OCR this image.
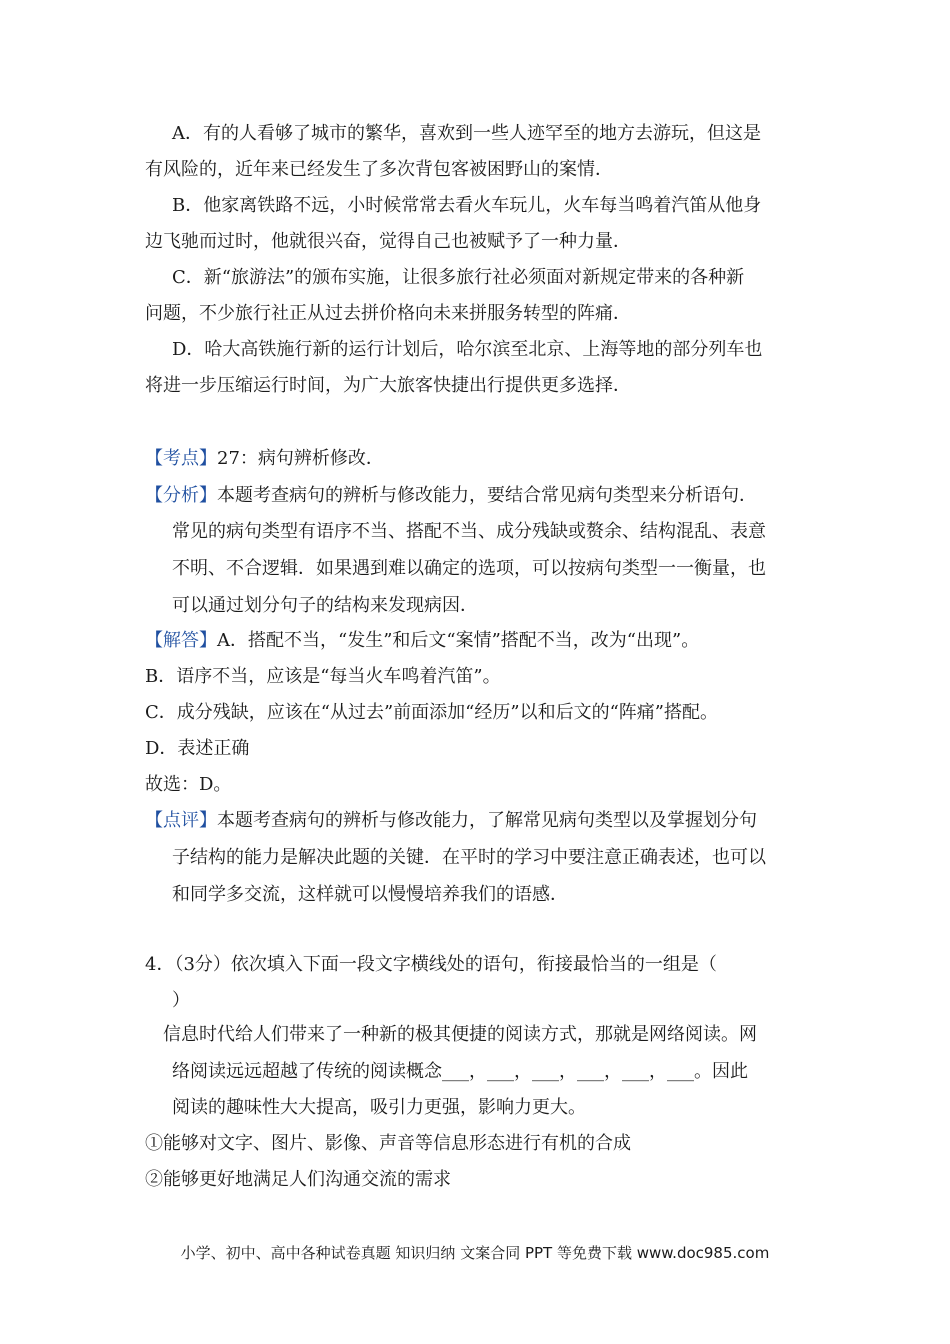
A．有的人看够了城市的繁华，喜欢到一些人迹罕至的地方去游玩，但这是
有风险的，近年来已经发生了多次背包客被困野山的案情．
B．他家离铁路不远，小时候常常去看火车玩儿，火车每当鸣着汽笛从他身
边飞驰而过时，他就很兴奋，觉得自己也被赋予了一种力量．
C．新“旅游法”的颁布实施，让很多旅行社必须面对新规定带来的各种新
问题，不少旅行社正从过去拼价格向未来拼服务转型的阵痛．
D．哈大高铁施行新的运行计划后，哈尔滨至北京、上海等地的部分列车也
将进一步压缩运行时间，为广大旅客快捷出行提供更多选择．
【考点】27：病句辨析修改．
【分析】本题考查病句的辨析与修改能力，要结合常见病句类型来分析语句．
常见的病句类型有语序不当、搭配不当、成分残缺或赘余、结构混乱、表意
不明、不合逻辑．如果遇到难以确定的选项，可以按病句类型一一衡量，也
可以通过划分句子的结构来发现病因．
【解答】A．搭配不当，“发生”和后文“案情”搭配不当，改为“出现”。
B．语序不当，应该是“每当火车鸣着汽笛”。
C．成分残缺，应该在“从过去”前面添加“经历”以和后文的“阵痛”搭配。
D．表述正确
故选：D。
【点评】本题考查病句的辨析与修改能力，了解常见病句类型以及掌握划分句
子结构的能力是解决此题的关键．在平时的学习中要注意正确表述，也可以
和同学多交流，这样就可以慢慢培养我们的语感．
4．（3分）依次填入下面一段文字横线处的语句，衔接最恰当的一组是（
）
信息时代给人们带来了一种新的极其便捷的阅读方式，那就是网络阅读。网
络阅读远远超越了传统的阅读概念___，___，___，___，___，___。因此
阅读的趣味性大大提高，吸引力更强，影响力更大。
①能够对文字、图片、影像、声音等信息形态进行有机的合成
②能够更好地满足人们沟通交流的需求
小学、初中、高中各种试卷真题 知识归纳 文案合同 PPT 等免费下载 www.doc985.com
